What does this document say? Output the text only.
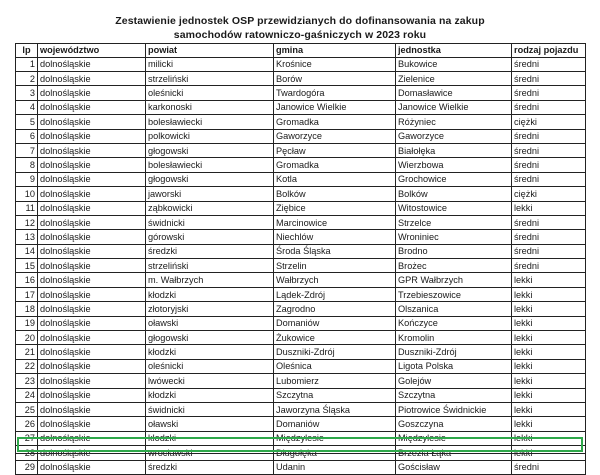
Zestawienie jednostek OSP przewidzianych do dofinansowania na zakup
samochodów ratowniczo-gaśniczych w 2023 roku
lp	województwo	powiat	gmina	jednostka	rodzaj pojazdu
1	dolnośląskie	milicki	Krośnice	Bukowice	średni
2	dolnośląskie	strzeliński	Borów	Zielenice	średni
3	dolnośląskie	oleśnicki	Twardogóra	Domasławice	średni
4	dolnośląskie	karkonoski	Janowice Wielkie	Janowice Wielkie	średni
5	dolnośląskie	bolesławiecki	Gromadka	Różyniec	ciężki
6	dolnośląskie	polkowicki	Gaworzyce	Gaworzyce	średni
7	dolnośląskie	głogowski	Pęcław	Białołęka	średni
8	dolnośląskie	bolesławiecki	Gromadka	Wierzbowa	średni
9	dolnośląskie	głogowski	Kotla	Grochowice	średni
10	dolnośląskie	jaworski	Bolków	Bolków	ciężki
11	dolnośląskie	ząbkowicki	Ziębice	Witostowice	lekki
12	dolnośląskie	świdnicki	Marcinowice	Strzelce	średni
13	dolnośląskie	górowski	Niechlów	Wroniniec	średni
14	dolnośląskie	średzki	Środa Śląska	Brodno	średni
15	dolnośląskie	strzeliński	Strzelin	Brożec	średni
16	dolnośląskie	m. Wałbrzych	Wałbrzych	GPR Wałbrzych	lekki
17	dolnośląskie	kłodzki	Lądek-Zdrój	Trzebieszowice	lekki
18	dolnośląskie	złotoryjski	Zagrodno	Olszanica	lekki
19	dolnośląskie	oławski	Domaniów	Kończyce	lekki
20	dolnośląskie	głogowski	Żukowice	Kromolin	lekki
21	dolnośląskie	kłodzki	Duszniki-Zdrój	Duszniki-Zdrój	lekki
22	dolnośląskie	oleśnicki	Oleśnica	Ligota Polska	lekki
23	dolnośląskie	lwówecki	Lubomierz	Golejów	lekki
24	dolnośląskie	kłodzki	Szczytna	Szczytna	lekki
25	dolnośląskie	świdnicki	Jaworzyna Śląska	Piotrowice Świdnickie	lekki
26	dolnośląskie	oławski	Domaniów	Goszczyna	lekki
27	dolnośląskie	kłodzki	Międzylesie	Międzylesie	lekki
28	dolnośląskie	wrocławski	Długołęka	Brzezia Łąka	lekki
29	dolnośląskie	średzki	Udanin	Gościsław	średni
